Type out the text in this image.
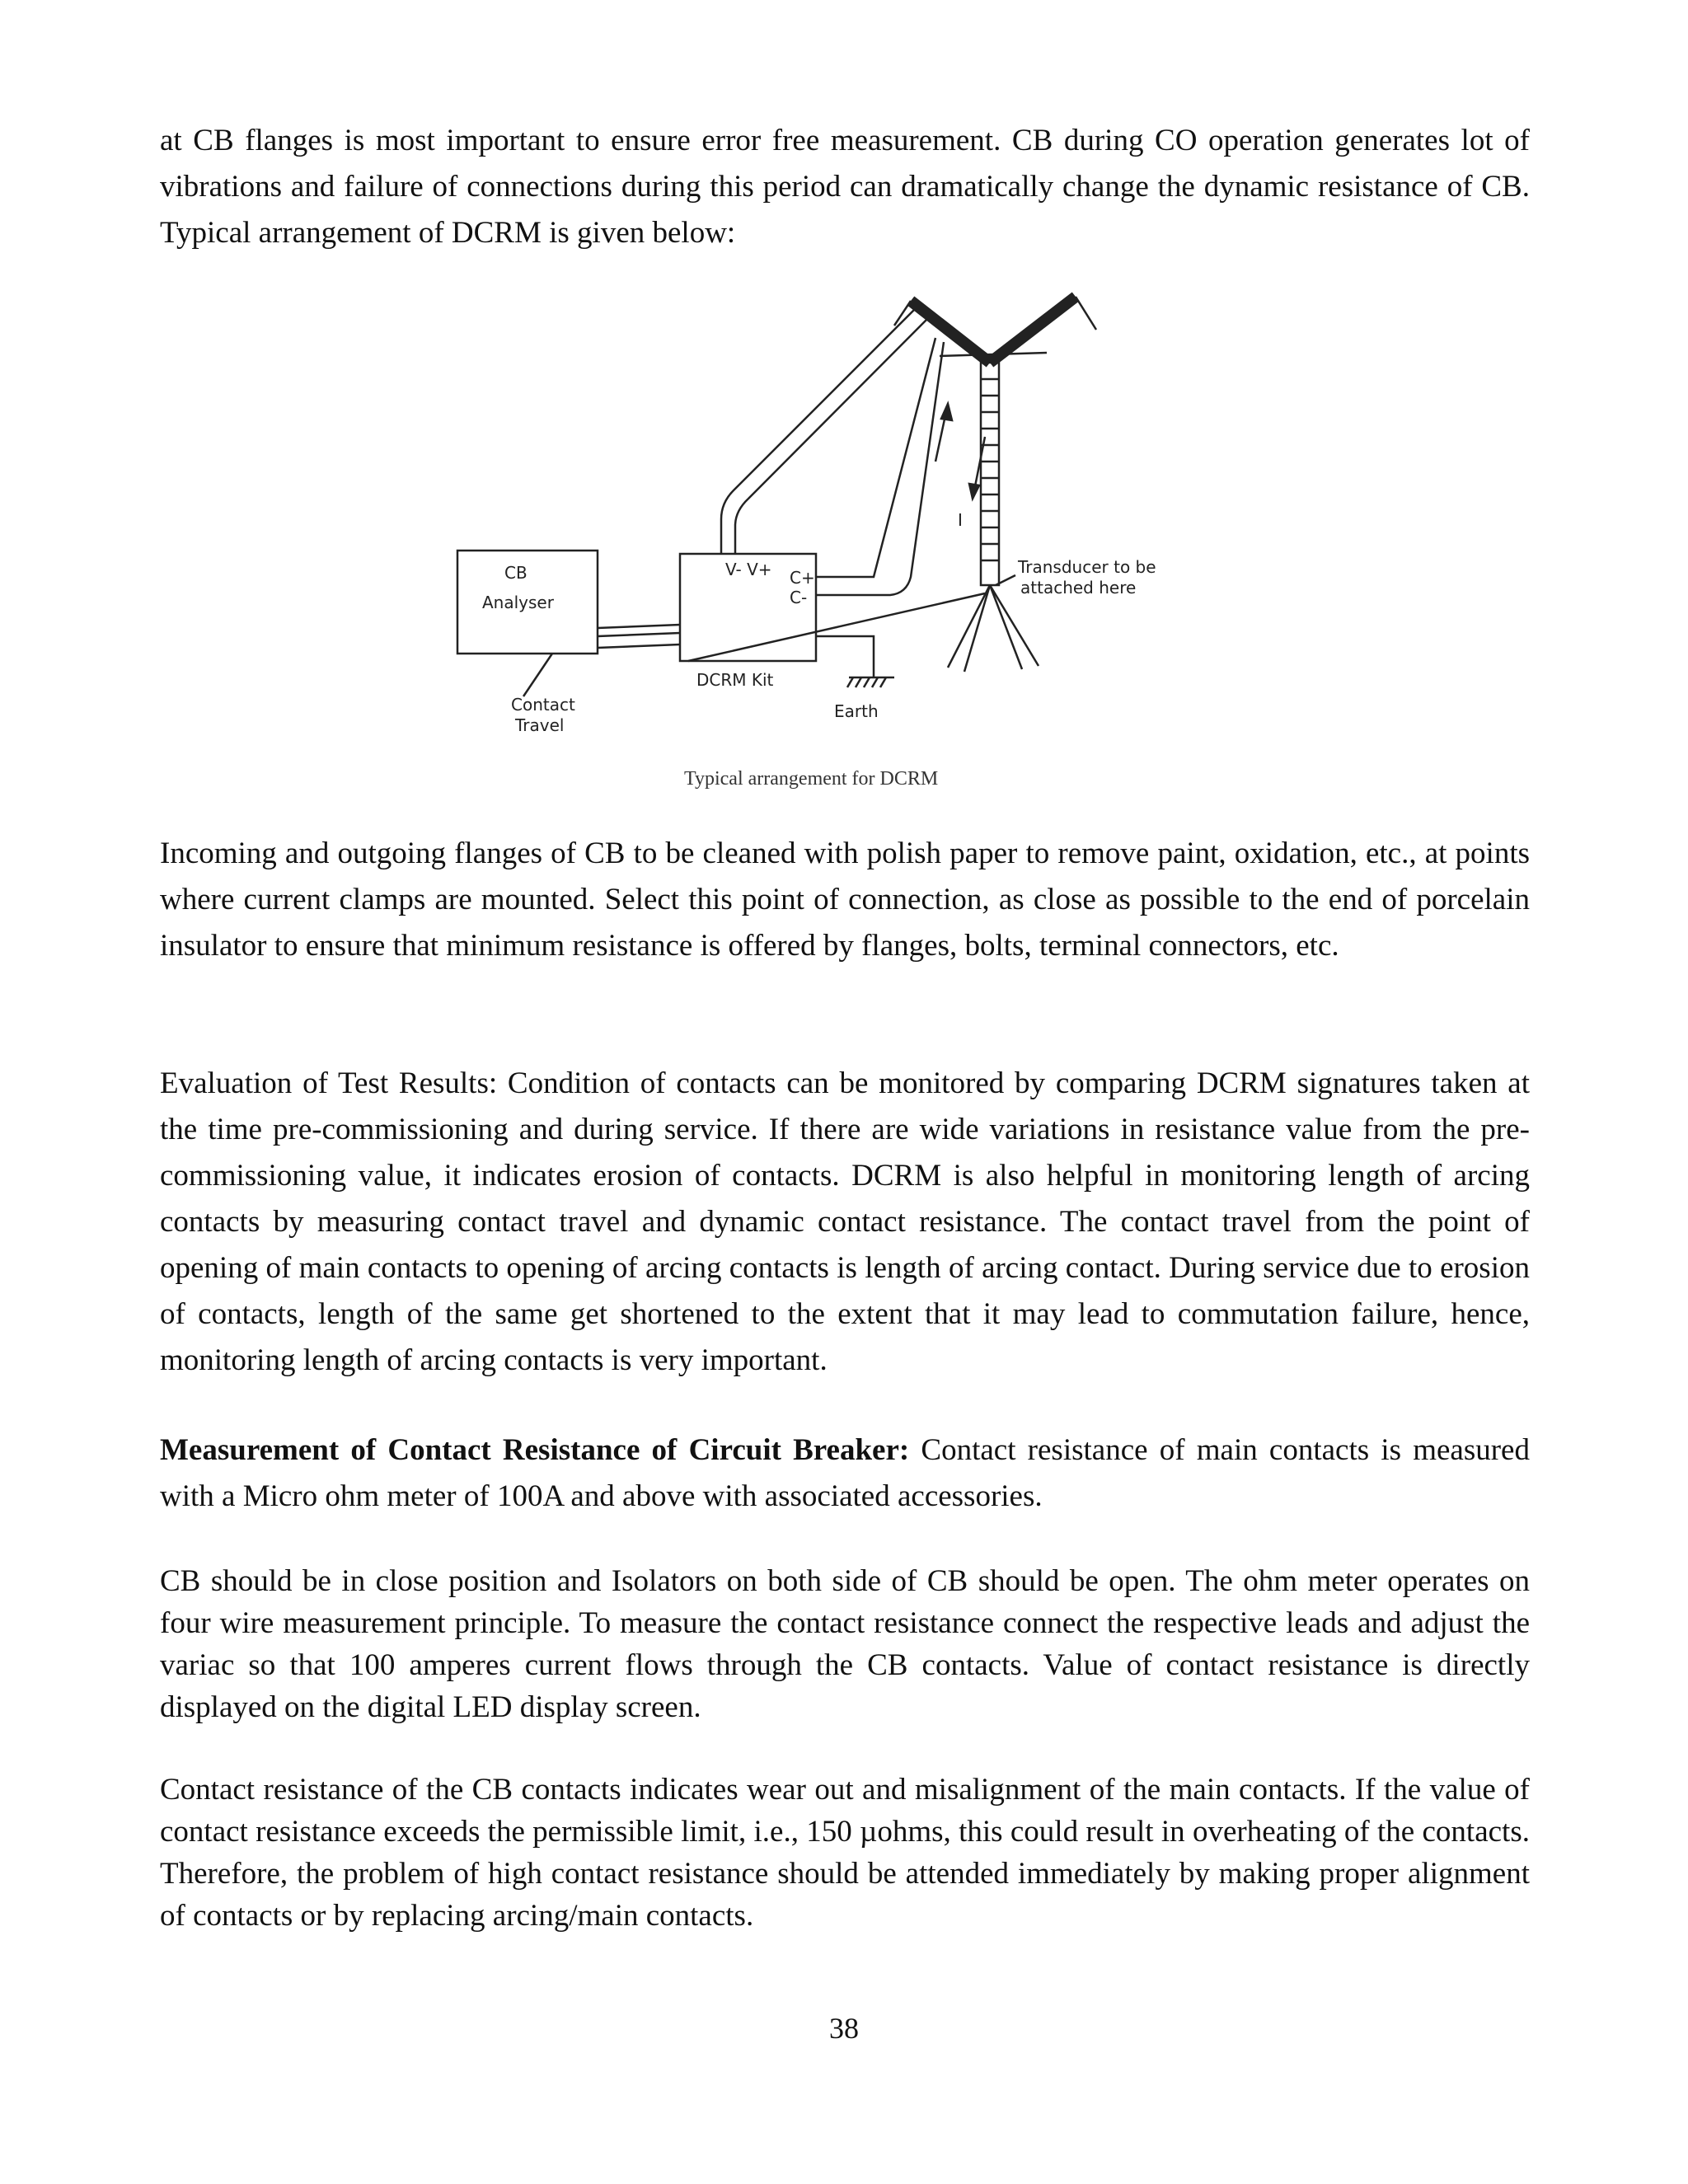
at CB flanges is most important to ensure error free measurement. CB during CO operation generates lot of vibrations and failure of connections during this period can dramatically change the dynamic resistance of CB. Typical arrangement of DCRM is given below:

CB
Analyser
V- V+ C+
C-
DCRM Kit
Contact
Travel
Earth
I
Transducer to be
attached here
Typical arrangement for DCRM

Incoming and outgoing flanges of CB to be cleaned with polish paper to remove paint, oxidation, etc., at points where current clamps are mounted. Select this point of connection, as close as possible to the end of porcelain insulator to ensure that minimum resistance is offered by flanges, bolts, terminal connectors, etc.

Evaluation of Test Results: Condition of contacts can be monitored by comparing DCRM signatures taken at the time pre-commissioning and during service. If there are wide variations in resistance value from the pre-commissioning value, it indicates erosion of contacts. DCRM is also helpful in monitoring length of arcing contacts by measuring contact travel and dynamic contact resistance. The contact travel from the point of opening of main contacts to opening of arcing contacts is length of arcing contact. During service due to erosion of contacts, length of the same get shortened to the extent that it may lead to commutation failure, hence, monitoring length of arcing contacts is very important.

Measurement of Contact Resistance of Circuit Breaker: Contact resistance of main contacts is measured with a Micro ohm meter of 100A and above with associated accessories.

CB should be in close position and Isolators on both side of CB should be open. The ohm meter operates on four wire measurement principle. To measure the contact resistance connect the respective leads and adjust the variac so that 100 amperes current flows through the CB contacts. Value of contact resistance is directly displayed on the digital LED display screen.

Contact resistance of the CB contacts indicates wear out and misalignment of the main contacts. If the value of contact resistance exceeds the permissible limit, i.e., 150 µohms, this could result in overheating of the contacts. Therefore, the problem of high contact resistance should be attended immediately by making proper alignment of contacts or by replacing arcing/main contacts.

38
